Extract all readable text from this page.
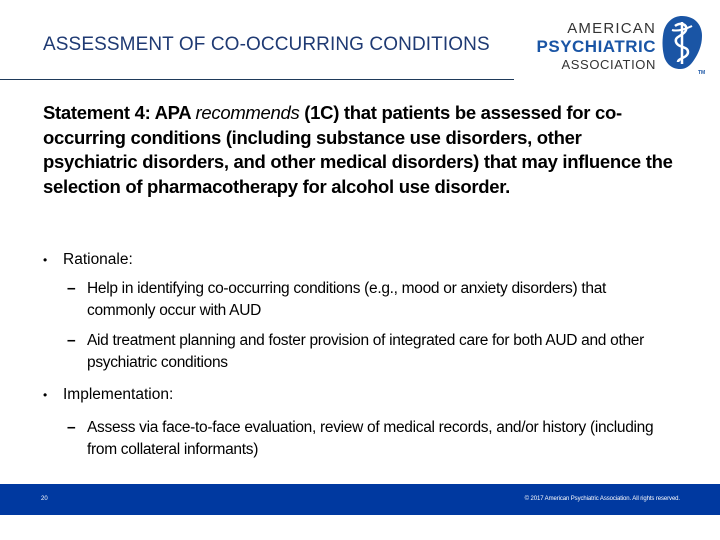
ASSESSMENT OF CO-OCCURRING CONDITIONS
AMERICAN
PSYCHIATRIC
ASSOCIATION
TM
Statement 4: APA recommends (1C) that patients be assessed for co-occurring conditions (including substance use disorders, other psychiatric disorders, and other medical disorders) that may influence the selection of pharmacotherapy for alcohol use disorder.
• Rationale:
– Help in identifying co-occurring conditions (e.g., mood or anxiety disorders) that commonly occur with AUD
– Aid treatment planning and foster provision of integrated care for both AUD and other psychiatric conditions
• Implementation:
– Assess via face-to-face evaluation, review of medical records, and/or history (including from collateral informants)
20	© 2017 American Psychiatric Association. All rights reserved.
